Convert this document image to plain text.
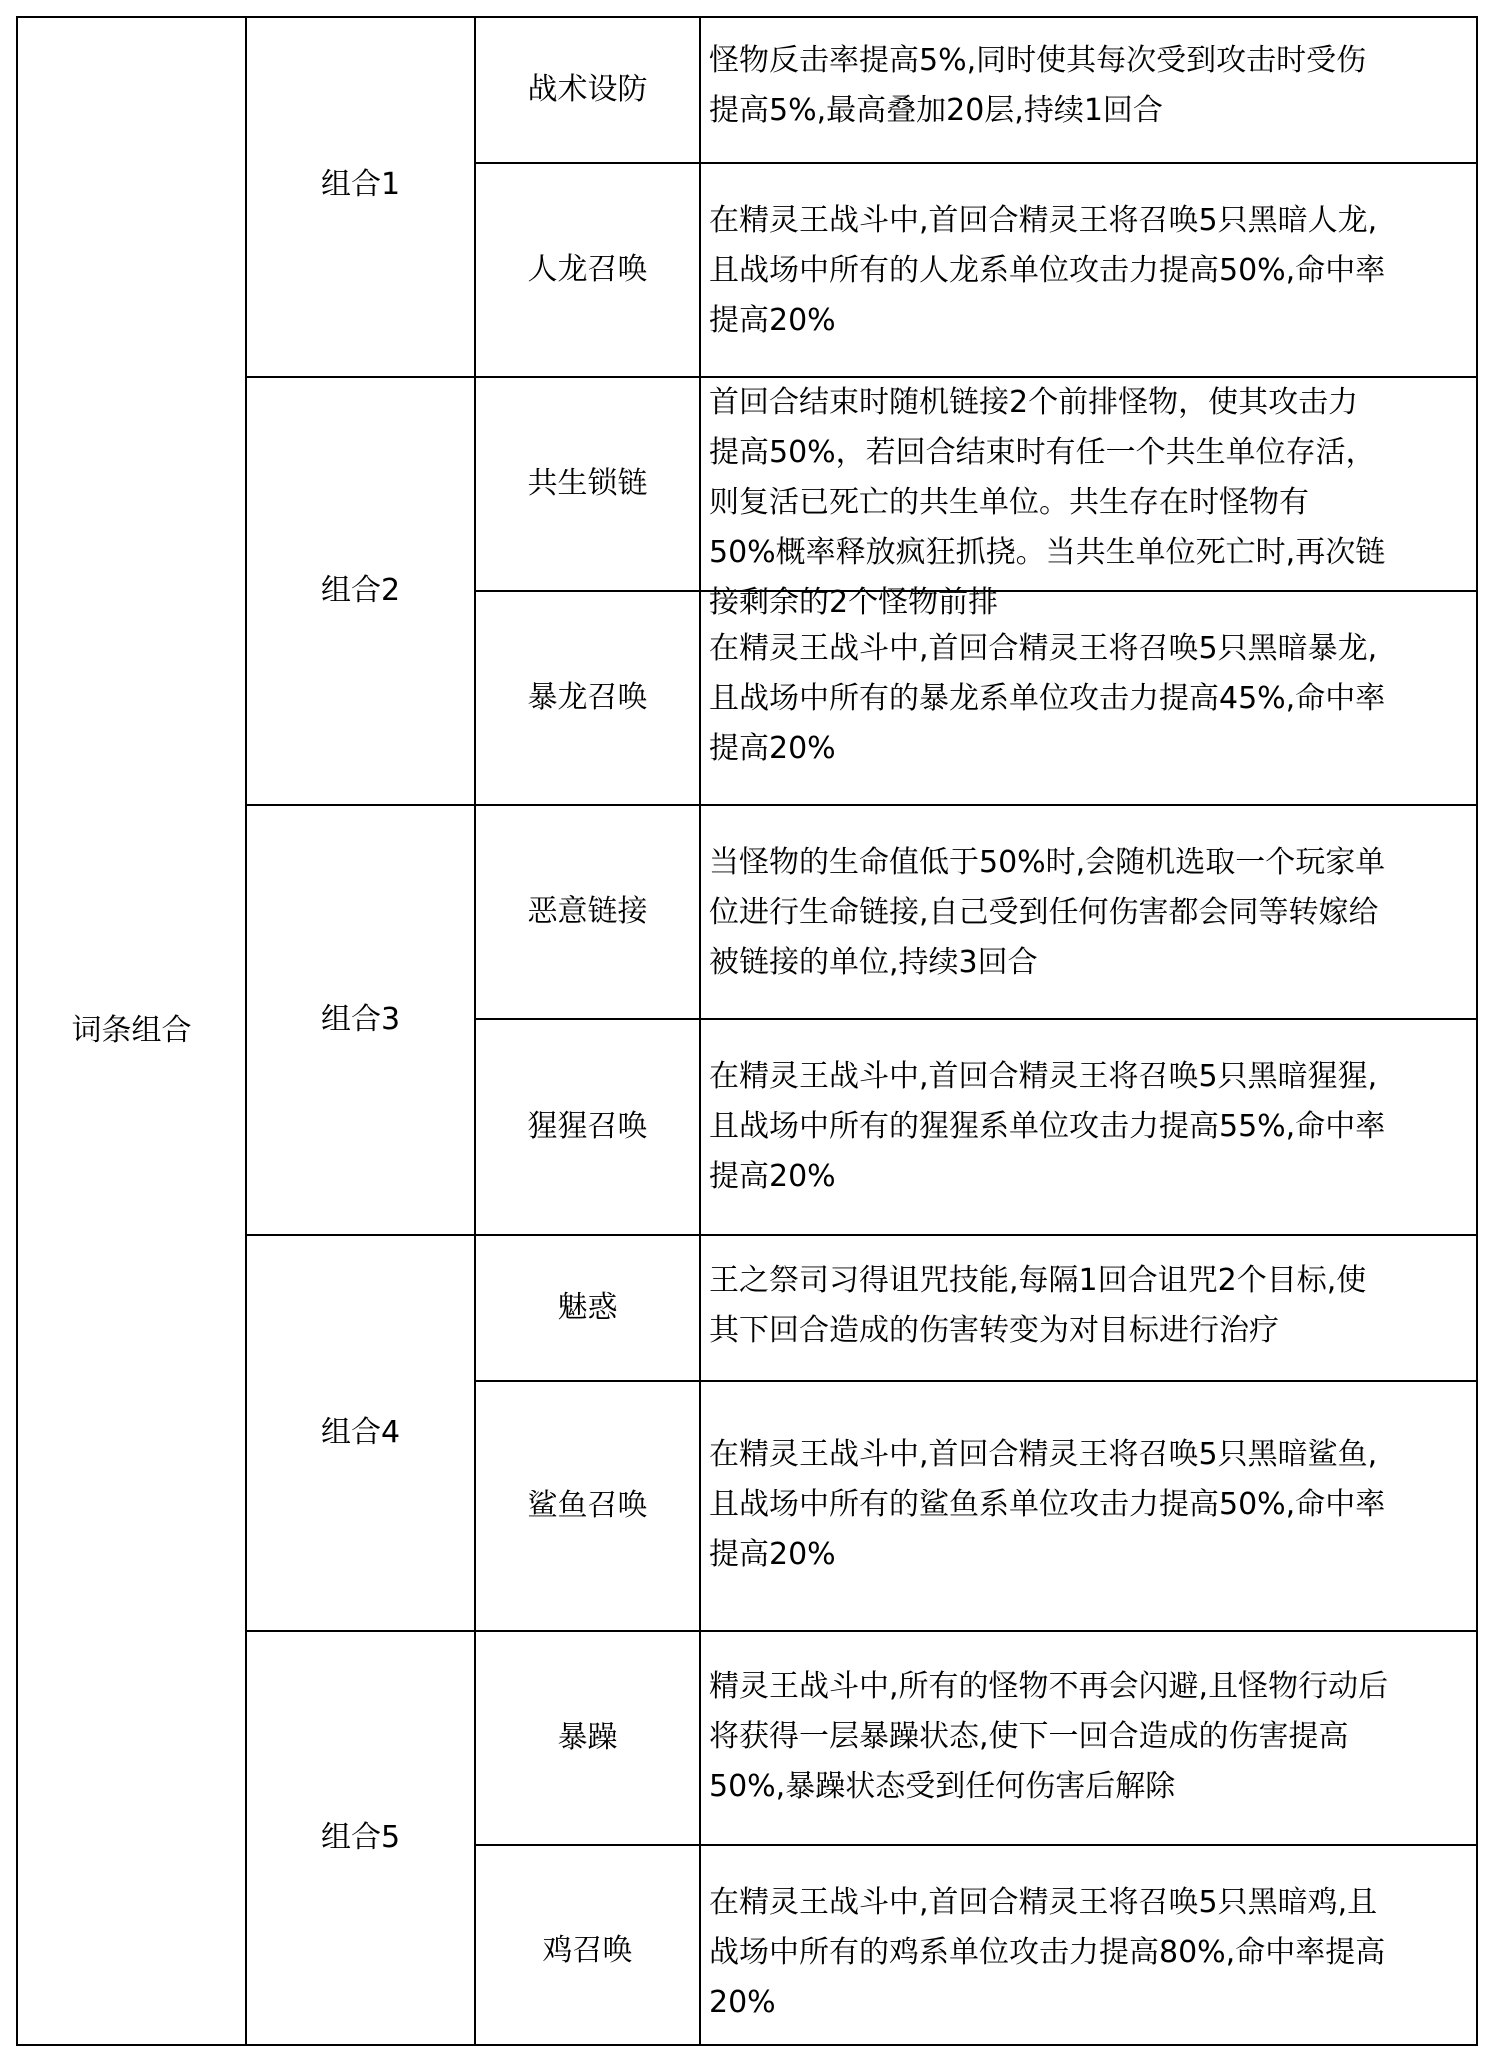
词条组合
组合1
组合2
组合3
组合4
组合5
战术设防
人龙召唤
共生锁链
暴龙召唤
恶意链接
猩猩召唤
魅惑
鲨鱼召唤
暴躁
鸡召唤
怪物反击率提高5%,同时使其每次受到攻击时受伤
提高5%,最高叠加20层,持续1回合
在精灵王战斗中,首回合精灵王将召唤5只黑暗人龙,
且战场中所有的人龙系单位攻击力提高50%,命中率
提高20%
首回合结束时随机链接2个前排怪物，使其攻击力
提高50%，若回合结束时有任一个共生单位存活，
则复活已死亡的共生单位。共生存在时怪物有
50%概率释放疯狂抓挠。当共生单位死亡时,再次链
接剩余的2个怪物前排
在精灵王战斗中,首回合精灵王将召唤5只黑暗暴龙,
且战场中所有的暴龙系单位攻击力提高45%,命中率
提高20%
当怪物的生命值低于50%时,会随机选取一个玩家单
位进行生命链接,自己受到任何伤害都会同等转嫁给
被链接的单位,持续3回合
在精灵王战斗中,首回合精灵王将召唤5只黑暗猩猩,
且战场中所有的猩猩系单位攻击力提高55%,命中率
提高20%
王之祭司习得诅咒技能,每隔1回合诅咒2个目标,使
其下回合造成的伤害转变为对目标进行治疗
在精灵王战斗中,首回合精灵王将召唤5只黑暗鲨鱼,
且战场中所有的鲨鱼系单位攻击力提高50%,命中率
提高20%
精灵王战斗中,所有的怪物不再会闪避,且怪物行动后
将获得一层暴躁状态,使下一回合造成的伤害提高
50%,暴躁状态受到任何伤害后解除
在精灵王战斗中,首回合精灵王将召唤5只黑暗鸡,且
战场中所有的鸡系单位攻击力提高80%,命中率提高
20%
